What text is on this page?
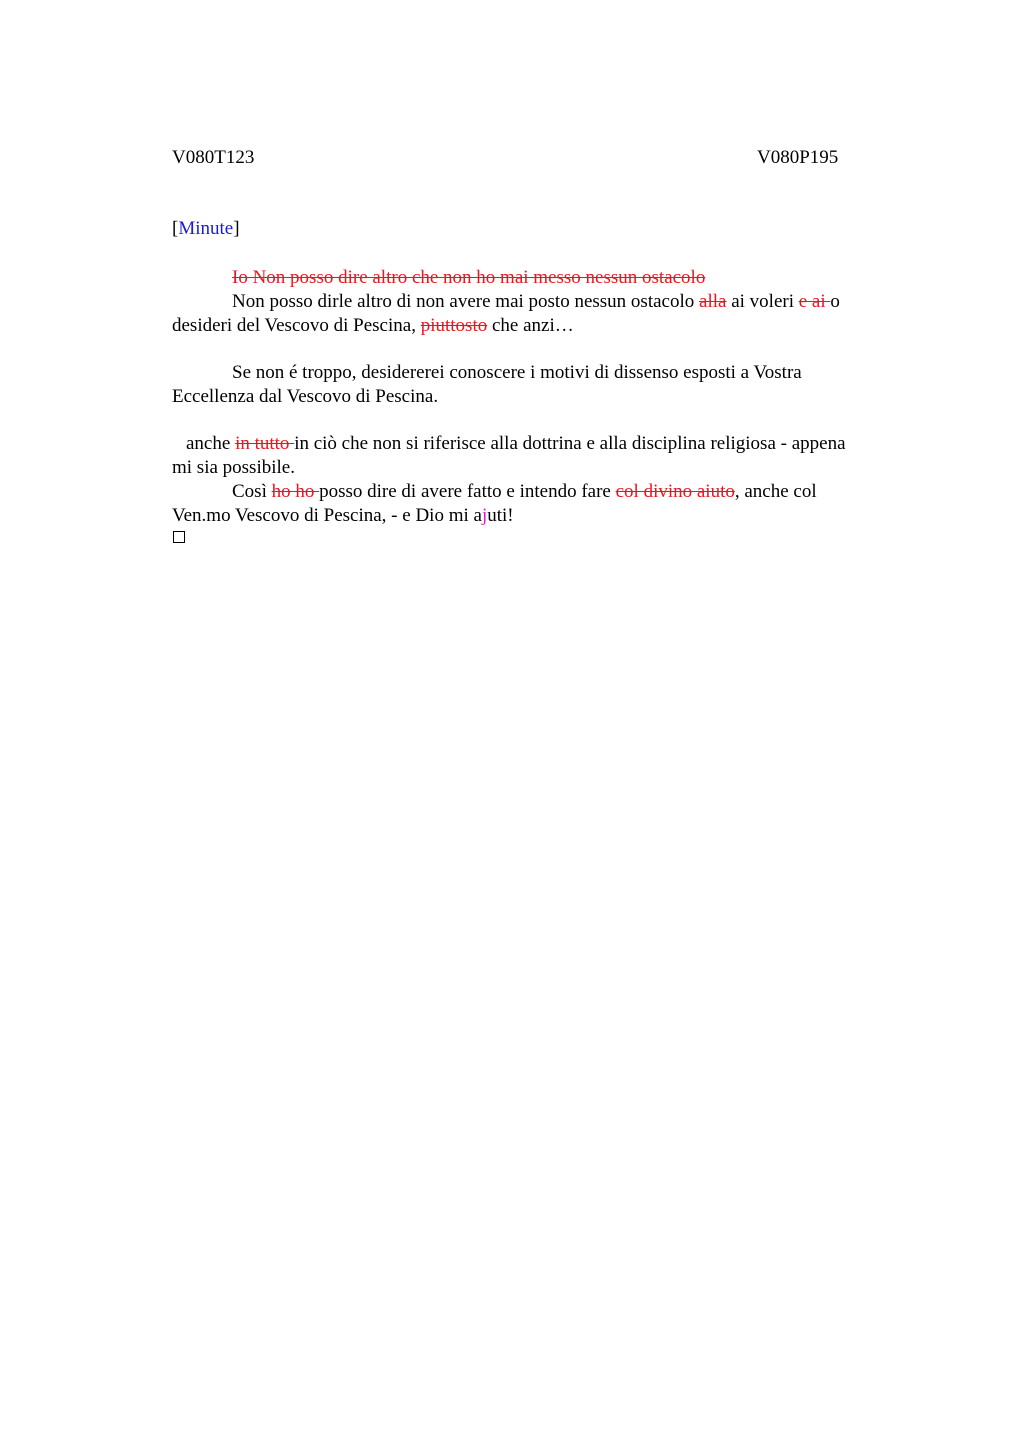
V080T123	V080P195
[Minute]
Io Non posso dire altro che non ho mai messo nessun ostacolo
Non posso dirle altro di non avere mai posto nessun ostacolo alla ai voleri e ai o
desideri del Vescovo di Pescina, piuttosto che anzi…
Se non é troppo, desidererei conoscere i motivi di dissenso esposti a Vostra
Eccellenza dal Vescovo di Pescina.
anche in tutto in ciò che non si riferisce alla dottrina e alla disciplina religiosa - appena
mi sia possibile.
Così ho ho posso dire di avere fatto e intendo fare col divino aiuto, anche col
Ven.mo Vescovo di Pescina, - e Dio mi ajuti!
